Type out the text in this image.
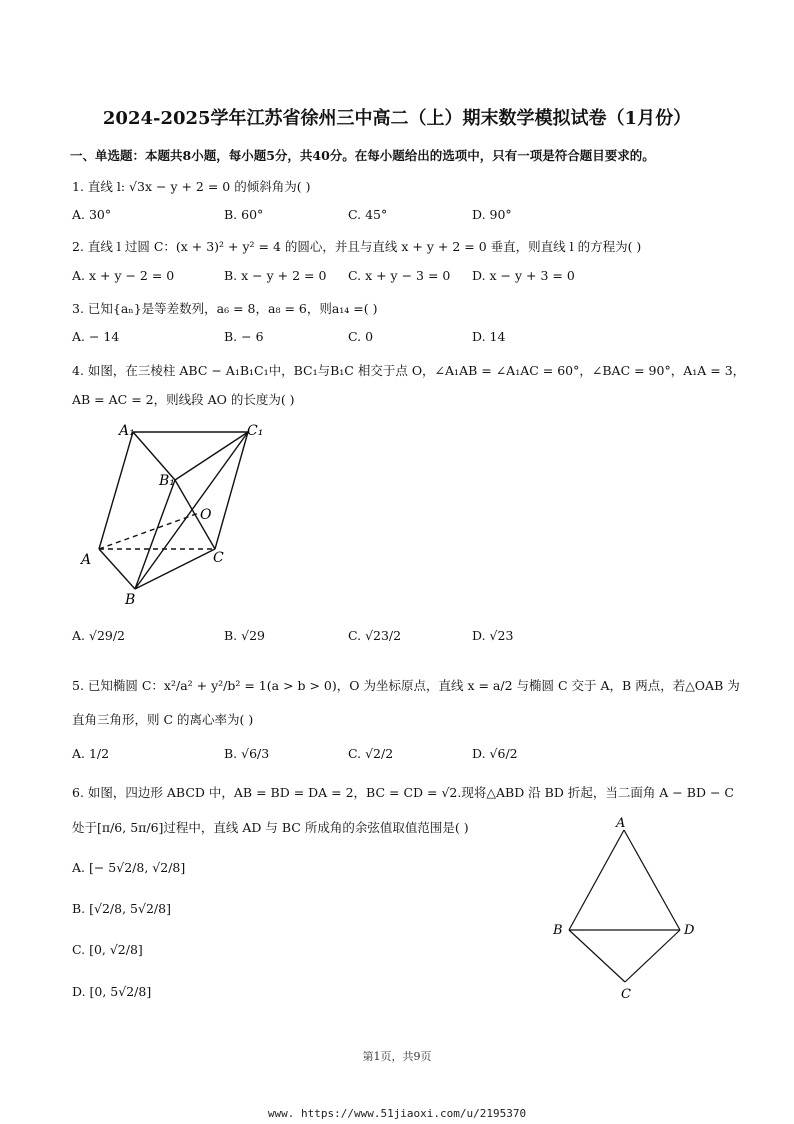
2024-2025学年江苏省徐州三中高二（上）期末数学模拟试卷（1月份）
一、单选题：本题共8小题，每小题5分，共40分。在每小题给出的选项中，只有一项是符合题目要求的。
1. 直线 l: √3x − y + 2 = 0 的倾斜角为( )
A. 30°	B. 60°	C. 45°	D. 90°
2. 直线 l 过圆 C：(x + 3)² + y² = 4 的圆心，并且与直线 x + y + 2 = 0 垂直，则直线 l 的方程为( )
A. x + y − 2 = 0	B. x − y + 2 = 0 C. x + y − 3 = 0 D. x − y + 3 = 0
3. 已知{aₙ}是等差数列，a₆ = 8，a₈ = 6，则a₁₄ =( )
A. − 14	B. − 6	C. 0	D. 14
4. 如图，在三棱柱 ABC − A₁B₁C₁中，BC₁与B₁C 相交于点 O，∠A₁AB = ∠A₁AC = 60°，∠BAC = 90°，A₁A = 3，
AB = AC = 2，则线段 AO 的长度为( )
A₁	C₁
B₁
O
A	C
B
A. √29/2	B. √29	C. √23/2	D. √23
5. 已知椭圆 C：x²/a² + y²/b² = 1(a > b > 0)，O 为坐标原点，直线 x = a/2 与椭圆 C 交于 A，B 两点，若△OAB 为
直角三角形，则 C 的离心率为( )
A. 1/2	B. √6/3	C. √2/2	D. √6/2
6. 如图，四边形 ABCD 中，AB = BD = DA = 2，BC = CD = √2.现将△ABD 沿 BD 折起，当二面角 A − BD − C
处于[π/6, 5π/6]过程中，直线 AD 与 BC 所成角的余弦值取值范围是( )
A. [− 5√2/8, √2/8]
B. [√2/8, 5√2/8]
C. [0, √2/8]
D. [0, 5√2/8]
A
B	D
C
第1页，共9页
www. https://www.51jiaoxi.com/u/2195370
